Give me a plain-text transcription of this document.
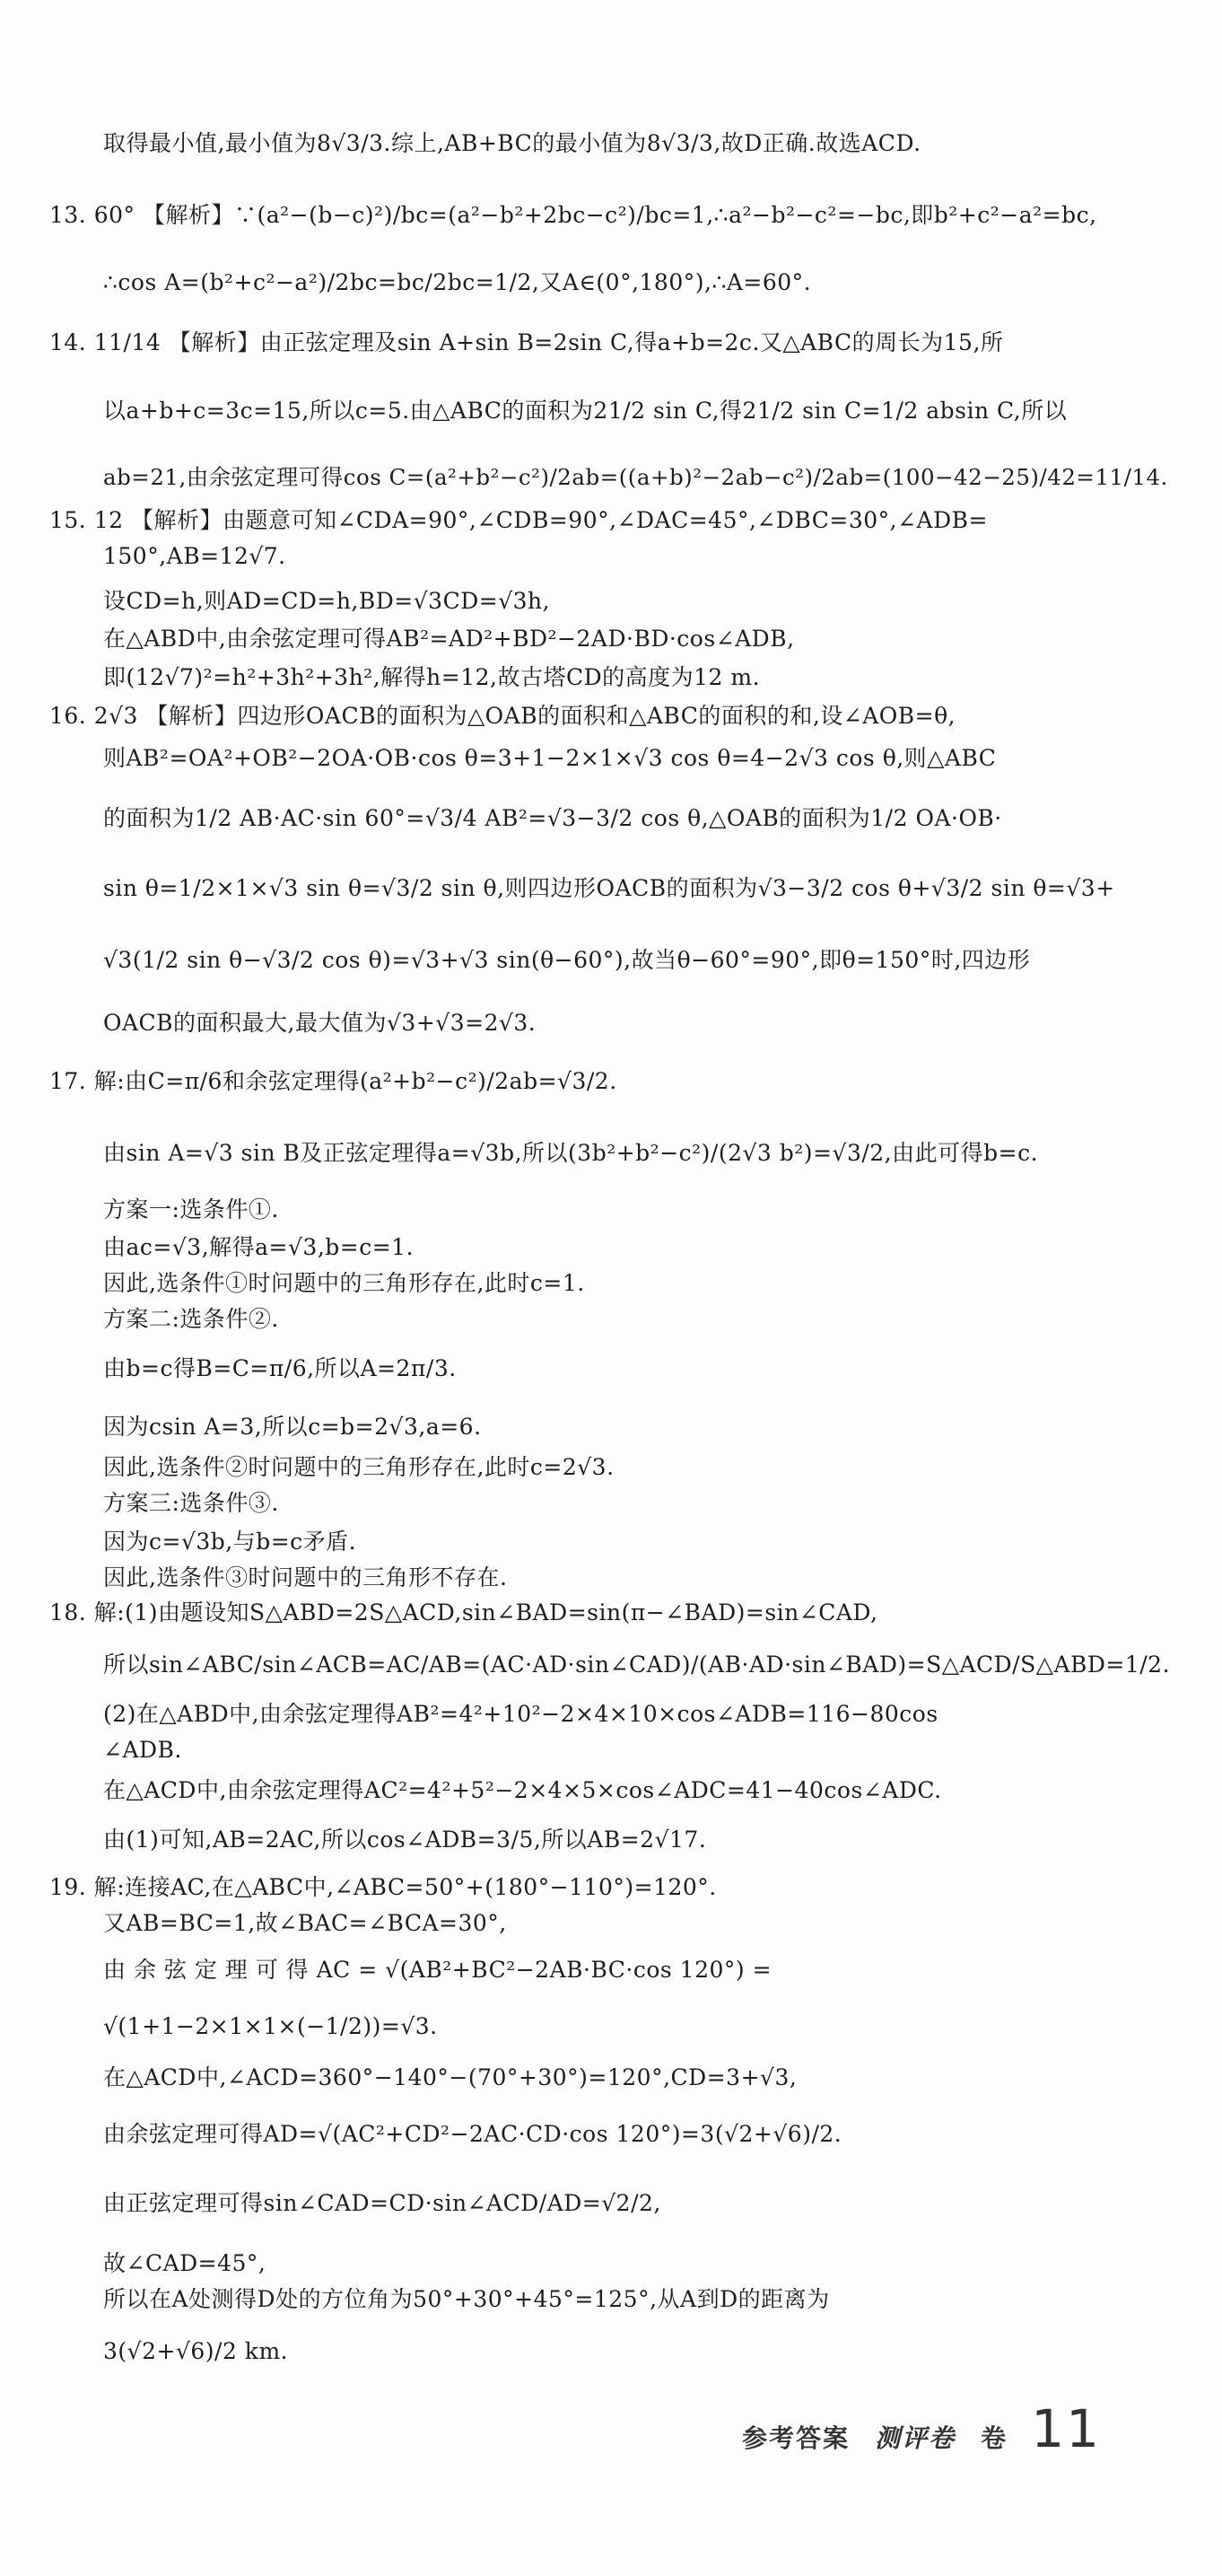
取得最小值,最小值为8√3/3.综上,AB+BC的最小值为8√3/3,故D正确.故选ACD.
13. 60° 【解析】∵(a²−(b−c)²)/bc=(a²−b²+2bc−c²)/bc=1,∴a²−b²−c²=−bc,即b²+c²−a²=bc,
∴cos A=(b²+c²−a²)/2bc=bc/2bc=1/2,又A∈(0°,180°),∴A=60°.
14. 11/14 【解析】由正弦定理及sin A+sin B=2sin C,得a+b=2c.又△ABC的周长为15,所
以a+b+c=3c=15,所以c=5.由△ABC的面积为21/2 sin C,得21/2 sin C=1/2 absin C,所以
ab=21,由余弦定理可得cos C=(a²+b²−c²)/2ab=((a+b)²−2ab−c²)/2ab=(100−42−25)/42=11/14.
15. 12 【解析】由题意可知∠CDA=90°,∠CDB=90°,∠DAC=45°,∠DBC=30°,∠ADB=
150°,AB=12√7.
设CD=h,则AD=CD=h,BD=√3CD=√3h,
在△ABD中,由余弦定理可得AB²=AD²+BD²−2AD·BD·cos∠ADB,
即(12√7)²=h²+3h²+3h²,解得h=12,故古塔CD的高度为12 m.
16. 2√3 【解析】四边形OACB的面积为△OAB的面积和△ABC的面积的和,设∠AOB=θ,
则AB²=OA²+OB²−2OA·OB·cos θ=3+1−2×1×√3 cos θ=4−2√3 cos θ,则△ABC
的面积为1/2 AB·AC·sin 60°=√3/4 AB²=√3−3/2 cos θ,△OAB的面积为1/2 OA·OB·
sin θ=1/2×1×√3 sin θ=√3/2 sin θ,则四边形OACB的面积为√3−3/2 cos θ+√3/2 sin θ=√3+
√3(1/2 sin θ−√3/2 cos θ)=√3+√3 sin(θ−60°),故当θ−60°=90°,即θ=150°时,四边形
OACB的面积最大,最大值为√3+√3=2√3.
17. 解:由C=π/6和余弦定理得(a²+b²−c²)/2ab=√3/2.
由sin A=√3 sin B及正弦定理得a=√3b,所以(3b²+b²−c²)/(2√3 b²)=√3/2,由此可得b=c.
方案一:选条件①.
由ac=√3,解得a=√3,b=c=1.
因此,选条件①时问题中的三角形存在,此时c=1.
方案二:选条件②.
由b=c得B=C=π/6,所以A=2π/3.
因为csin A=3,所以c=b=2√3,a=6.
因此,选条件②时问题中的三角形存在,此时c=2√3.
方案三:选条件③.
因为c=√3b,与b=c矛盾.
因此,选条件③时问题中的三角形不存在.
18. 解:(1)由题设知S△ABD=2S△ACD,sin∠BAD=sin(π−∠BAD)=sin∠CAD,
所以sin∠ABC/sin∠ACB=AC/AB=(AC·AD·sin∠CAD)/(AB·AD·sin∠BAD)=S△ACD/S△ABD=1/2.
(2)在△ABD中,由余弦定理得AB²=4²+10²−2×4×10×cos∠ADB=116−80cos
∠ADB.
在△ACD中,由余弦定理得AC²=4²+5²−2×4×5×cos∠ADC=41−40cos∠ADC.
由(1)可知,AB=2AC,所以cos∠ADB=3/5,所以AB=2√17.
19. 解:连接AC,在△ABC中,∠ABC=50°+(180°−110°)=120°.
又AB=BC=1,故∠BAC=∠BCA=30°,
由 余 弦 定 理 可 得 AC = √(AB²+BC²−2AB·BC·cos 120°) =
√(1+1−2×1×1×(−1/2))=√3.
在△ACD中,∠ACD=360°−140°−(70°+30°)=120°,CD=3+√3,
由余弦定理可得AD=√(AC²+CD²−2AC·CD·cos 120°)=3(√2+√6)/2.
由正弦定理可得sin∠CAD=CD·sin∠ACD/AD=√2/2,
故∠CAD=45°,
所以在A处测得D处的方位角为50°+30°+45°=125°,从A到D的距离为
3(√2+√6)/2 km.
参考答案 测评卷 卷 11
